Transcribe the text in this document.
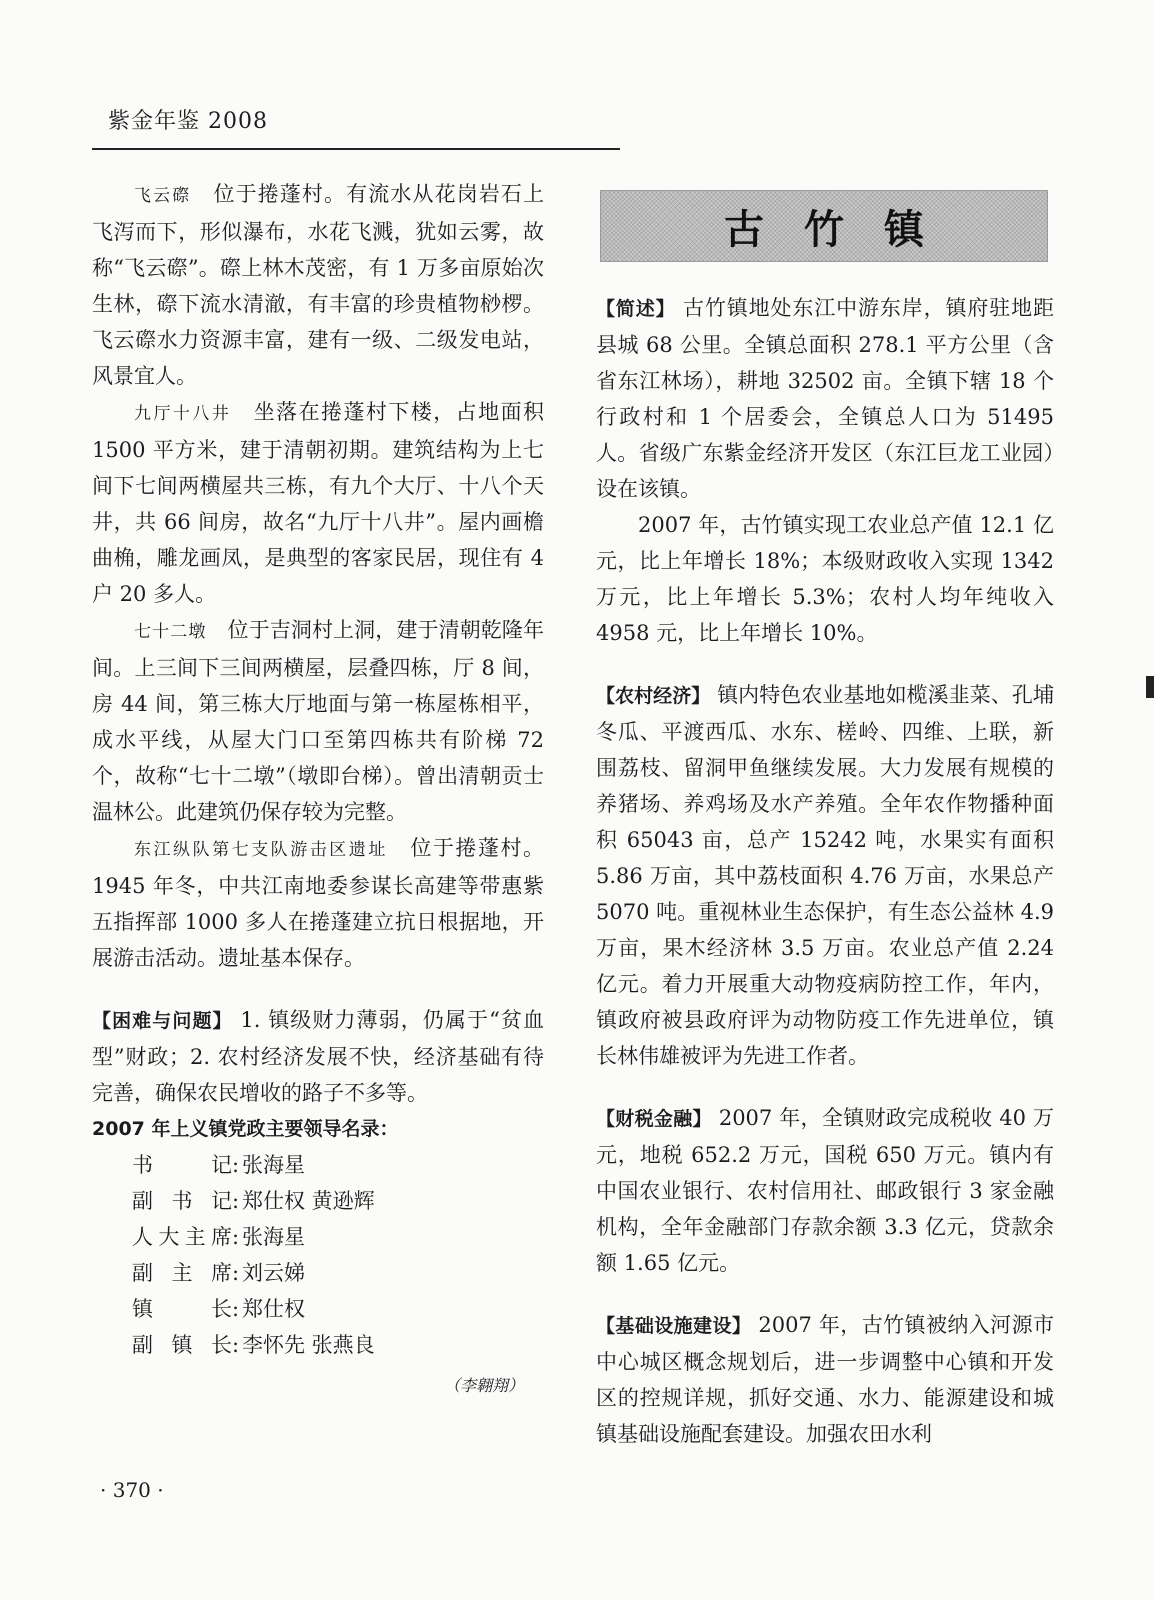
紫金年鉴 2008

飞云磜　 位于捲蓬村。有流水从花岗岩石上飞泻而下，形似瀑布，水花飞溅，犹如云雾，故称“飞云磜”。磜上林木茂密，有 1 万多亩原始次生林，磜下流水清澈，有丰富的珍贵植物桫椤。飞云磜水力资源丰富，建有一级、二级发电站，风景宜人。

九厅十八井　 坐落在捲蓬村下楼，占地面积 1500 平方米，建于清朝初期。建筑结构为上七间下七间两横屋共三栋，有九个大厅、十八个天井，共 66 间房，故名“九厅十八井”。屋内画檐曲桷，雕龙画凤，是典型的客家民居，现住有 4 户 20 多人。

七十二墩　 位于吉洞村上洞，建于清朝乾隆年间。上三间下三间两横屋，层叠四栋，厅 8 间，房 44 间，第三栋大厅地面与第一栋屋栋相平，成水平线，从屋大门口至第四栋共有阶梯 72 个，故称“七十二墩”（墩即台梯）。曾出清朝贡士温林公。此建筑仍保存较为完整。

东江纵队第七支队游击区遗址　 位于捲蓬村。1945 年冬，中共江南地委参谋长高建等带惠紫五指挥部 1000 多人在捲蓬建立抗日根据地，开展游击活动。遗址基本保存。

【困难与问题】 1. 镇级财力薄弱，仍属于“贫血型”财政；2. 农村经济发展不快，经济基础有待完善，确保农民增收的路子不多等。

2007 年上义镇党政主要领导名录：
书记 : 张海星
副书记 : 郑仕权 黄逊辉
人大主席 : 张海星
副主席 : 刘云娣
镇长 : 郑仕权
副镇长 : 李怀先 张燕良
（李翱翔）
古竹镇

【简述】 古竹镇地处东江中游东岸，镇府驻地距县城 68 公里。全镇总面积 278.1 平方公里（含省东江林场），耕地 32502 亩。全镇下辖 18 个行政村和 1 个居委会，全镇总人口为 51495 人。省级广东紫金经济开发区（东江巨龙工业园）设在该镇。

2007 年，古竹镇实现工农业总产值 12.1 亿元，比上年增长 18%；本级财政收入实现 1342 万元，比上年增长 5.3%；农村人均年纯收入 4958 元，比上年增长 10%。

【农村经济】 镇内特色农业基地如榄溪韭菜、孔埔冬瓜、平渡西瓜、水东、槎岭、四维、上联，新围荔枝、留洞甲鱼继续发展。大力发展有规模的养猪场、养鸡场及水产养殖。全年农作物播种面积 65043 亩，总产 15242 吨，水果实有面积 5.86 万亩，其中荔枝面积 4.76 万亩，水果总产 5070 吨。重视林业生态保护，有生态公益林 4.9 万亩，果木经济林 3.5 万亩。农业总产值 2.24 亿元。着力开展重大动物疫病防控工作，年内，镇政府被县政府评为动物防疫工作先进单位，镇长林伟雄被评为先进工作者。

【财税金融】 2007 年，全镇财政完成税收 40 万元，地税 652.2 万元，国税 650 万元。镇内有中国农业银行、农村信用社、邮政银行 3 家金融机构，全年金融部门存款余额 3.3 亿元，贷款余额 1.65 亿元。

【基础设施建设】 2007 年，古竹镇被纳入河源市中心城区概念规划后，进一步调整中心镇和开发区的控规详规，抓好交通、水力、能源建设和城镇基础设施配套建设。加强农田水利

· 370 ·
